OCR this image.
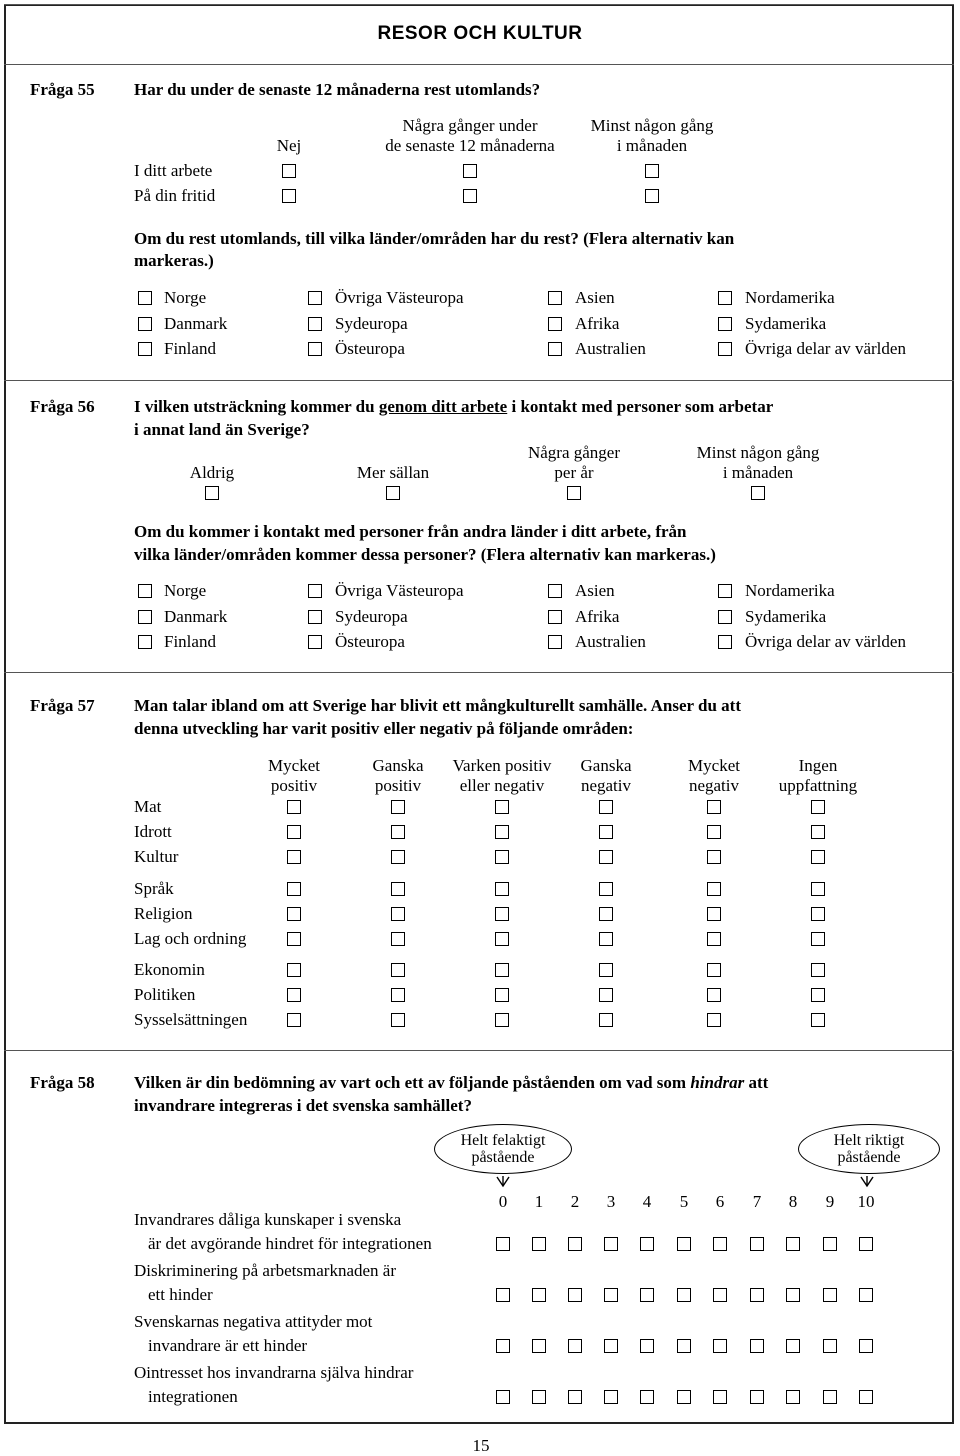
RESOR OCH KULTUR
Fråga 55 Har du under de senaste 12 månaderna rest utomlands?
Nej
Några gånger under
de senaste 12 månaderna
Minst någon gång
i månaden
I ditt arbete
På din fritid
Om du rest utomlands, till vilka länder/områden har du rest? (Flera alternativ kan
markeras.)
Norge	Övriga Västeuropa	Asien	Nordamerika
Danmark	Sydeuropa	Afrika	Sydamerika
Finland	Östeuropa	Australien	Övriga delar av världen
Fråga 56 I vilken utsträckning kommer du genom ditt arbete i kontakt med personer som arbetar
i annat land än Sverige?
Aldrig	Mer sällan
Några gånger
per år
Minst någon gång
i månaden
Om du kommer i kontakt med personer från andra länder i ditt arbete, från
vilka länder/områden kommer dessa personer? (Flera alternativ kan markeras.)
Norge	Övriga Västeuropa	Asien	Nordamerika
Danmark	Sydeuropa	Afrika	Sydamerika
Finland	Östeuropa	Australien	Övriga delar av världen
Fråga 57 Man talar ibland om att Sverige har blivit ett mångkulturellt samhälle. Anser du att
denna utveckling har varit positiv eller negativ på följande områden:
Mycket
positiv
Ganska
positiv
Varken positiv
eller negativ
Ganska
negativ
Mycket
negativ
Ingen
uppfattning
Mat
Idrott
Kultur
Språk
Religion
Lag och ordning
Ekonomin
Politiken
Sysselsättningen
Fråga 58 Vilken är din bedömning av vart och ett av följande påståenden om vad som hindrar att
invandrare integreras i det svenska samhället?
Helt felaktigt
påstående
Helt riktigt
påstående
0	1	2	3	4	5	6	7	8	9	10
Invandrares dåliga kunskaper i svenska
är det avgörande hindret för integrationen
Diskriminering på arbetsmarknaden är
ett hinder
Svenskarnas negativa attityder mot
invandrare är ett hinder
Ointresset hos invandrarna själva hindrar
integrationen
15
